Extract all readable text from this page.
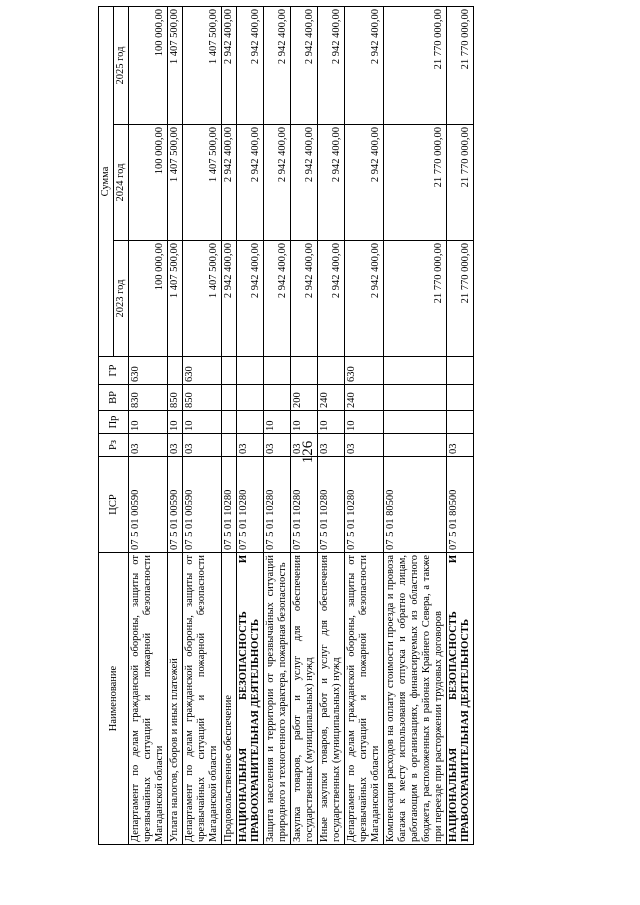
126
Наименование	ЦСР	Рз	Пр	ВР	ГР	Сумма		
						2023 год	2024 год	2025 год
Департамент по делам гражданской обороны, защиты от чрезвычайных ситуаций и пожарной безопасности Магаданской области	07 5 01 00590	03	10	830	630	100 000,00	100 000,00	100 000,00
Уплата налогов, сборов и иных платежей	07 5 01 00590	03	10	850		1 407 500,00	1 407 500,00	1 407 500,00
Департамент по делам гражданской обороны, защиты от чрезвычайных ситуаций и пожарной безопасности Магаданской области	07 5 01 00590	03	10	850	630	1 407 500,00	1 407 500,00	1 407 500,00
Продовольственное обеспечение	07 5 01 10280					2 942 400,00	2 942 400,00	2 942 400,00
НАЦИОНАЛЬНАЯ БЕЗОПАСНОСТЬ И ПРАВООХРАНИТЕЛЬНАЯ ДЕЯТЕЛЬНОСТЬ	07 5 01 10280	03				2 942 400,00	2 942 400,00	2 942 400,00
Защита населения и территории от чрезвычайных ситуаций природного и техногенного характера, пожарная безопасность	07 5 01 10280	03	10			2 942 400,00	2 942 400,00	2 942 400,00
Закупка товаров, работ и услуг для обеспечения государственных (муниципальных) нужд	07 5 01 10280	03	10	200		2 942 400,00	2 942 400,00	2 942 400,00
Иные закупки товаров, работ и услуг для обеспечения государственных (муниципальных) нужд	07 5 01 10280	03	10	240		2 942 400,00	2 942 400,00	2 942 400,00
Департамент по делам гражданской обороны, защиты от чрезвычайных ситуаций и пожарной безопасности Магаданской области	07 5 01 10280	03	10	240	630	2 942 400,00	2 942 400,00	2 942 400,00
Компенсация расходов на оплату стоимости проезда и провоза багажа к месту использования отпуска и обратно лицам, работающим в организациях, финансируемых из областного бюджета, расположенных в районах Крайнего Севера, а также при переезде при расторжении трудовых договоров	07 5 01 80500					21 770 000,00	21 770 000,00	21 770 000,00
НАЦИОНАЛЬНАЯ БЕЗОПАСНОСТЬ И ПРАВООХРАНИТЕЛЬНАЯ ДЕЯТЕЛЬНОСТЬ	07 5 01 80500	03				21 770 000,00	21 770 000,00	21 770 000,00
